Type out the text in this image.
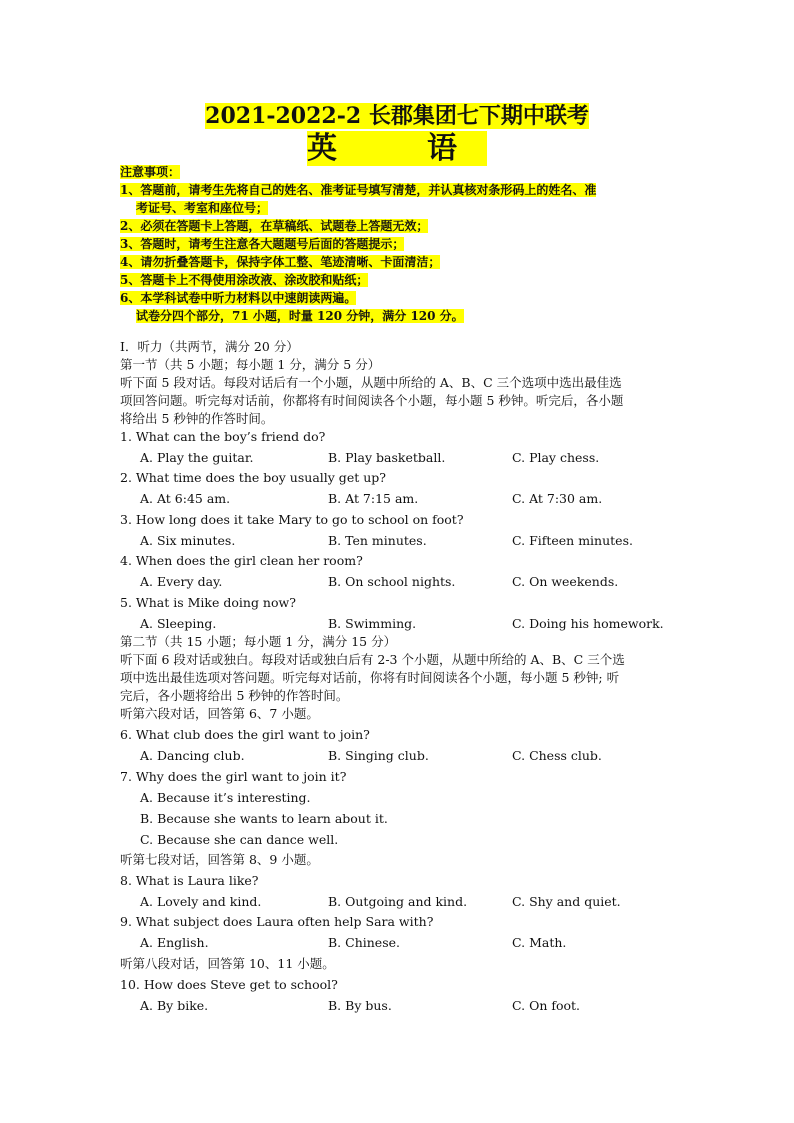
2021-2022-2 长郡集团七下期中联考
英　语
注意事项：
1、答题前，请考生先将自己的姓名、准考证号填写清楚，并认真核对条形码上的姓名、准
考证号、考室和座位号；
2、必须在答题卡上答题，在草稿纸、试题卷上答题无效；
3、答题时，请考生注意各大题题号后面的答题提示；
4、请勿折叠答题卡，保持字体工整、笔迹清晰、卡面清洁；
5、答题卡上不得使用涂改液、涂改胶和贴纸；
6、本学科试卷中听力材料以中速朗读两遍。
试卷分四个部分，71 小题，时量 120 分钟，满分 120 分。
I．听力（共两节，满分 20 分）
第一节（共 5 小题；每小题 1 分，满分 5 分）
听下面 5 段对话。每段对话后有一个小题，从题中所给的 A、B、C 三个选项中选出最佳选
项回答问题。听完每对话前，你都将有时间阅读各个小题，每小题 5 秒钟。听完后，各小题
将给出 5 秒钟的作答时间。
1. What can the boy’s friend do?
A. Play the guitar.	B. Play basketball.	C. Play chess.
2. What time does the boy usually get up?
A. At 6:45 am.	B. At 7:15 am.	C. At 7:30 am.
3. How long does it take Mary to go to school on foot?
A. Six minutes.	B. Ten minutes.	C. Fifteen minutes.
4. When does the girl clean her room?
A. Every day.	B. On school nights.	C. On weekends.
5. What is Mike doing now?
A. Sleeping.	B. Swimming.	C. Doing his homework.
第二节（共 15 小题；每小题 1 分，满分 15 分）
听下面 6 段对话或独白。每段对话或独白后有 2-3 个小题，从题中所给的 A、B、C 三个选
项中选出最佳选项对答问题。听完每对话前，你将有时间阅读各个小题，每小题 5 秒钟; 听
完后，各小题将给出 5 秒钟的作答时间。
听第六段对话，回答第 6、7 小题。
6. What club does the girl want to join?
A. Dancing club.	B. Singing club.	C. Chess club.
7. Why does the girl want to join it?
A. Because it’s interesting.
B. Because she wants to learn about it.
C. Because she can dance well.
听第七段对话，回答第 8、9 小题。
8. What is Laura like?
A. Lovely and kind.	B. Outgoing and kind.	C. Shy and quiet.
9. What subject does Laura often help Sara with?
A. English.	B. Chinese.	C. Math.
听第八段对话，回答第 10、11 小题。
10. How does Steve get to school?
A. By bike.	B. By bus.	C. On foot.
